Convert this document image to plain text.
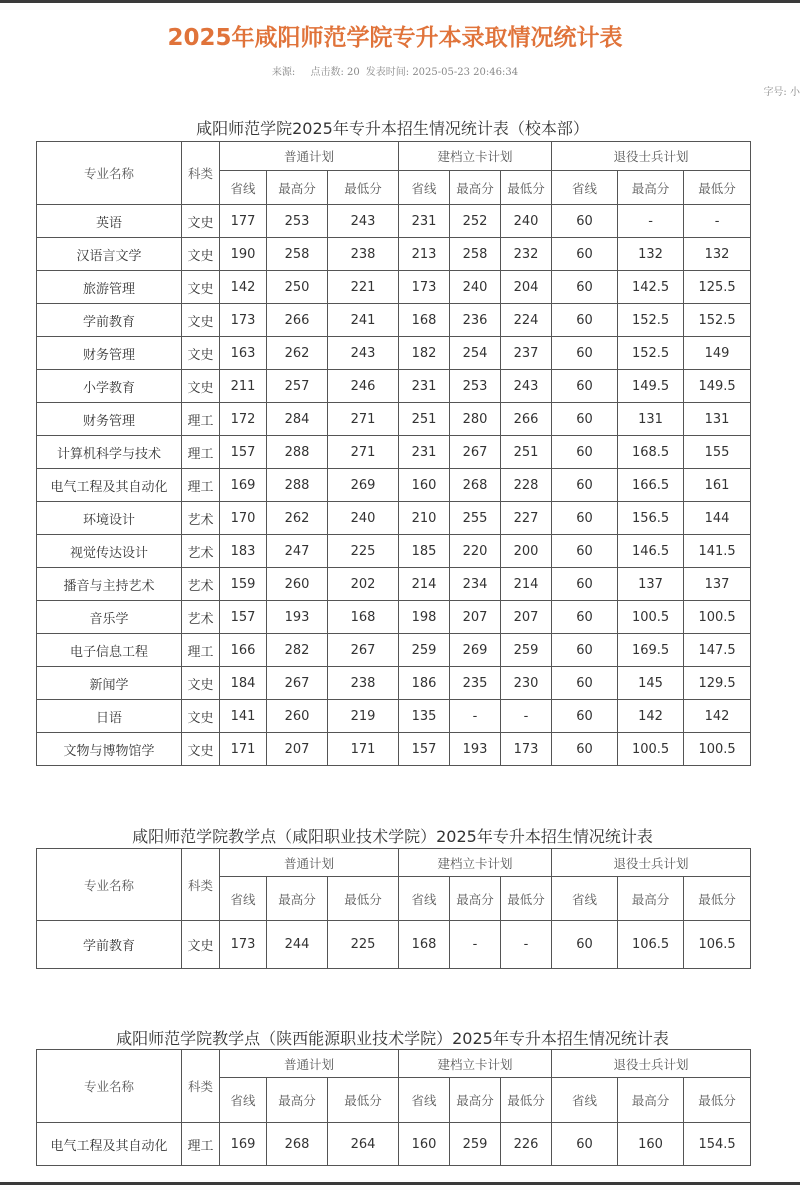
2025年咸阳师范学院专升本录取情况统计表
来源: 点击数: 20 发表时间: 2025-05-23 20:46:34
字号: 小
咸阳师范学院2025年专升本招生情况统计表（校本部）
专业名称	科类	普通计划			建档立卡计划			退役士兵计划		
		省线	最高分	最低分	省线	最高分	最低分	省线	最高分	最低分
英语	文史	177	253	243	231	252	240	60	-	-
汉语言文学	文史	190	258	238	213	258	232	60	132	132
旅游管理	文史	142	250	221	173	240	204	60	142.5	125.5
学前教育	文史	173	266	241	168	236	224	60	152.5	152.5
财务管理	文史	163	262	243	182	254	237	60	152.5	149
小学教育	文史	211	257	246	231	253	243	60	149.5	149.5
财务管理	理工	172	284	271	251	280	266	60	131	131
计算机科学与技术	理工	157	288	271	231	267	251	60	168.5	155
电气工程及其自动化	理工	169	288	269	160	268	228	60	166.5	161
环境设计	艺术	170	262	240	210	255	227	60	156.5	144
视觉传达设计	艺术	183	247	225	185	220	200	60	146.5	141.5
播音与主持艺术	艺术	159	260	202	214	234	214	60	137	137
音乐学	艺术	157	193	168	198	207	207	60	100.5	100.5
电子信息工程	理工	166	282	267	259	269	259	60	169.5	147.5
新闻学	文史	184	267	238	186	235	230	60	145	129.5
日语	文史	141	260	219	135	-	-	60	142	142
文物与博物馆学	文史	171	207	171	157	193	173	60	100.5	100.5
咸阳师范学院教学点（咸阳职业技术学院）2025年专升本招生情况统计表
专业名称	科类	普通计划			建档立卡计划			退役士兵计划		
		省线	最高分	最低分	省线	最高分	最低分	省线	最高分	最低分
学前教育	文史	173	244	225	168	-	-	60	106.5	106.5
咸阳师范学院教学点（陕西能源职业技术学院）2025年专升本招生情况统计表
专业名称	科类	普通计划			建档立卡计划			退役士兵计划		
		省线	最高分	最低分	省线	最高分	最低分	省线	最高分	最低分
电气工程及其自动化	理工	169	268	264	160	259	226	60	160	154.5
